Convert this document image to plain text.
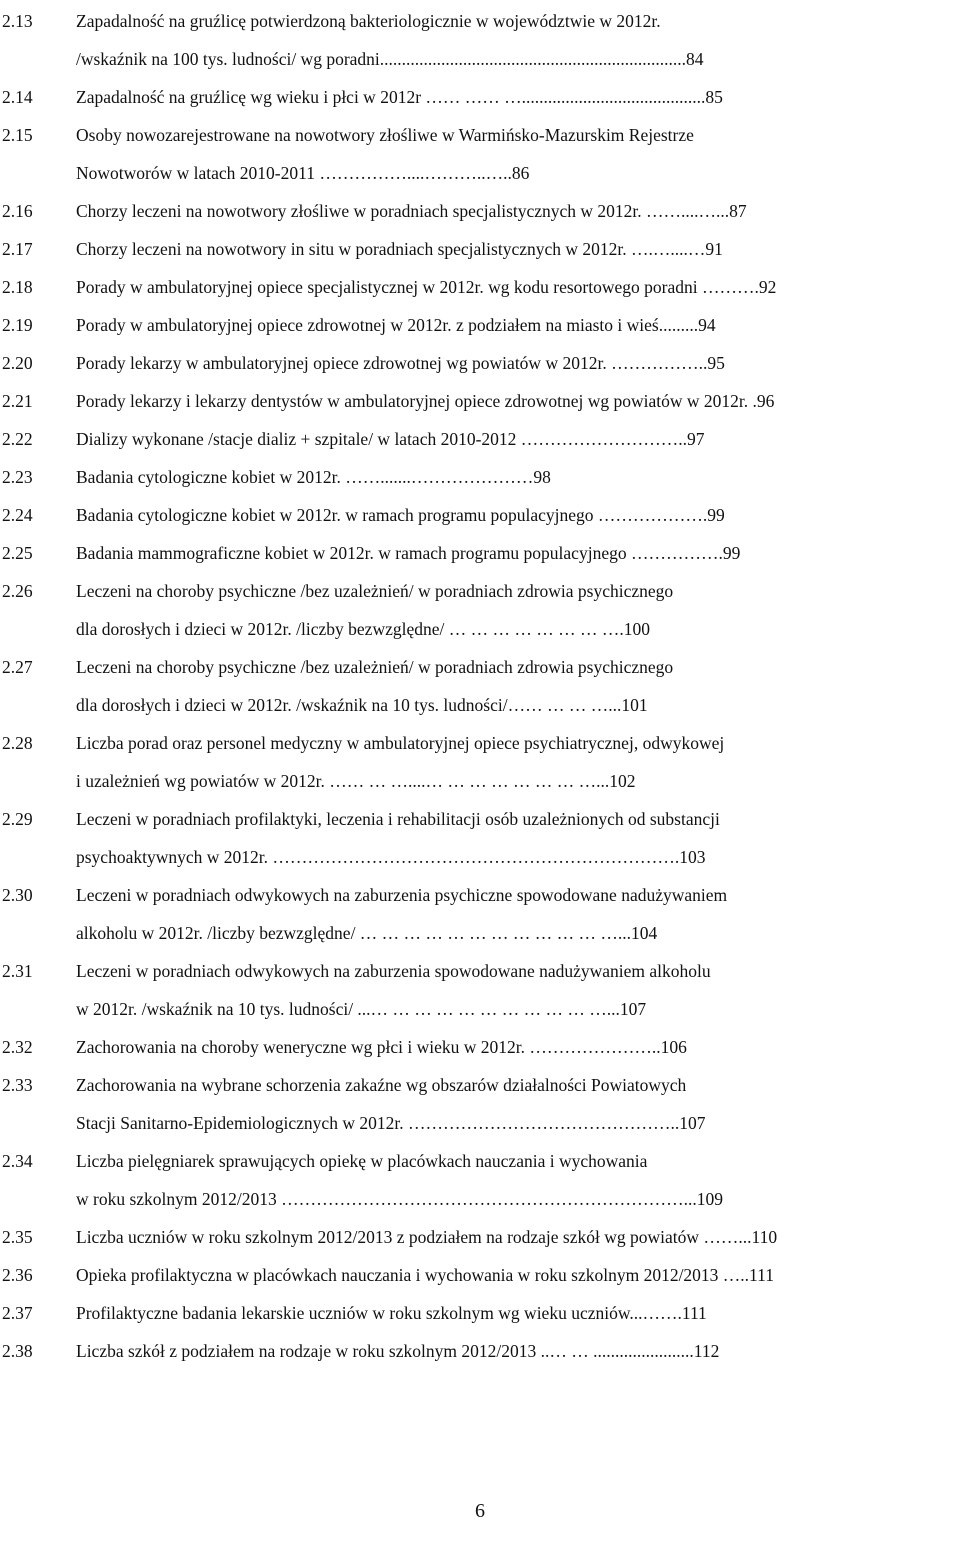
2.13	Zapadalność na gruźlicę potwierdzoną bakteriologicznie w województwie w 2012r.
/wskaźnik na 100 tys. ludności/ wg poradni......................................................................84
2.14	Zapadalność na gruźlicę wg wieku i płci w 2012r …… …… …..........................................85
2.15	Osoby nowozarejestrowane na nowotwory złośliwe w Warmińsko-Mazurskim Rejestrze
Nowotworów w latach 2010-2011 ……………....………..…..86
2.16	Chorzy leczeni na nowotwory złośliwe w poradniach specjalistycznych w 2012r. ……....…...87
2.17	Chorzy leczeni na nowotwory in situ w poradniach specjalistycznych w 2012r. ….…....…91
2.18	Porady w ambulatoryjnej opiece specjalistycznej w 2012r. wg kodu resortowego poradni ……….92
2.19	Porady w ambulatoryjnej opiece zdrowotnej w 2012r. z podziałem na miasto i wieś.........94
2.20	Porady lekarzy w ambulatoryjnej opiece zdrowotnej wg powiatów w 2012r. ……………..95
2.21	Porady lekarzy i lekarzy dentystów w ambulatoryjnej opiece zdrowotnej wg powiatów w 2012r. .96
2.22	Dializy wykonane /stacje dializ + szpitale/ w latach 2010-2012 ………………………..97
2.23	Badania cytologiczne kobiet w 2012r. …….......…………………98
2.24	Badania cytologiczne kobiet w 2012r. w ramach programu populacyjnego ……………….99
2.25	Badania mammograficzne kobiet w 2012r. w ramach programu populacyjnego …………….99
2.26	Leczeni na choroby psychiczne /bez uzależnień/ w poradniach zdrowia psychicznego
dla dorosłych i dzieci w 2012r. /liczby bezwzględne/ … … … … … … … ….100
2.27	Leczeni na choroby psychiczne /bez uzależnień/ w poradniach zdrowia psychicznego
dla dorosłych i dzieci w 2012r. /wskaźnik na 10 tys. ludności/…… … … …...101
2.28	Liczba porad oraz personel medyczny w ambulatoryjnej opiece psychiatrycznej, odwykowej
i uzależnień wg powiatów w 2012r. …… … …....… … … … … … … …...102
2.29	Leczeni w poradniach profilaktyki, leczenia i rehabilitacji osób uzależnionych od substancji
psychoaktywnych w 2012r. …………………………………………………………….103
2.30	Leczeni w poradniach odwykowych na zaburzenia psychiczne spowodowane nadużywaniem
alkoholu w 2012r. /liczby bezwzględne/ … … … … … … … … … … … …...104
2.31	Leczeni w poradniach odwykowych na zaburzenia spowodowane nadużywaniem alkoholu
w 2012r. /wskaźnik na 10 tys. ludności/ ...… … … … … … … … … … …...107
2.32	Zachorowania na choroby weneryczne wg płci i wieku w 2012r. …………………..106
2.33	Zachorowania na wybrane schorzenia zakaźne wg obszarów działalności Powiatowych
Stacji Sanitarno-Epidemiologicznych w 2012r. ………………………………………..107
2.34	Liczba pielęgniarek sprawujących opiekę w placówkach nauczania i wychowania
w roku szkolnym 2012/2013 ……………………………………………………………...109
2.35	Liczba uczniów w roku szkolnym 2012/2013 z podziałem na rodzaje szkół wg powiatów ……...110
2.36	Opieka profilaktyczna w placówkach nauczania i wychowania w roku szkolnym 2012/2013 …..111
2.37	Profilaktyczne badania lekarskie uczniów w roku szkolnym wg wieku uczniów...…….111
2.38	Liczba szkół z podziałem na rodzaje w roku szkolnym 2012/2013 ..… … .......................112
6
